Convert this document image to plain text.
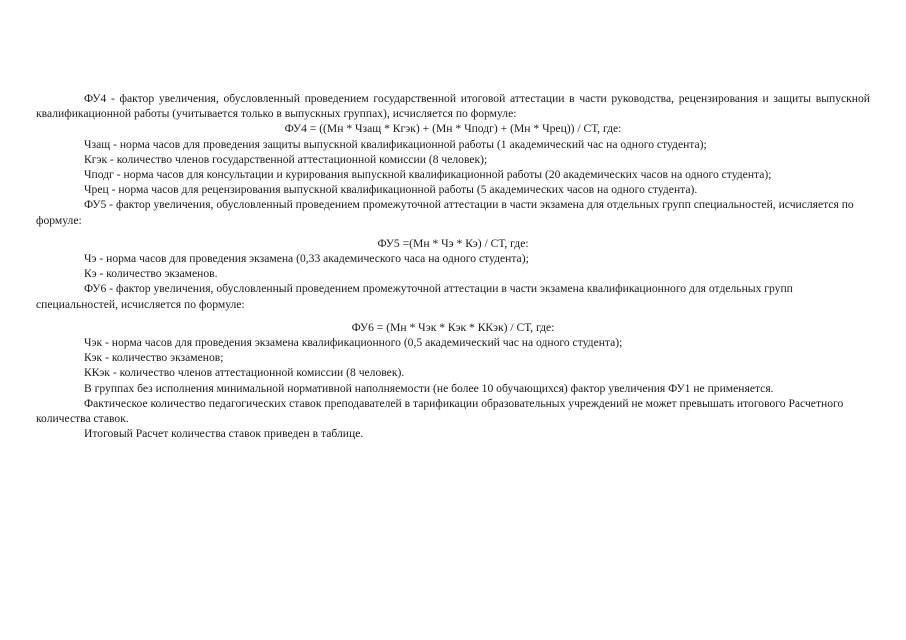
ФУ4 - фактор увеличения, обусловленный проведением государственной итоговой аттестации в части руководства, рецензирования и защиты выпускной квалификационной работы (учитывается только в выпускных группах), исчисляется по формуле:

ФУ4 = ((Мн * Чзащ * Кгэк) + (Мн * Чподг) + (Мн * Чрец)) / СТ, где:

Чзащ - норма часов для проведения защиты выпускной квалификационной работы (1 академический час на одного студента);

Кгэк - количество членов государственной аттестационной комиссии (8 человек);

Чподг - норма часов для консультации и курирования выпускной квалификационной работы (20 академических часов на одного студента);

Чрец - норма часов для рецензирования выпускной квалификационной работы (5 академических часов на одного студента).

ФУ5 - фактор увеличения, обусловленный проведением промежуточной аттестации в части экзамена для отдельных групп специальностей, исчисляется по формуле:

ФУ5 =(Мн * Чэ * Кэ) / СТ, где:

Чэ - норма часов для проведения экзамена (0,33 академического часа на одного студента);

Кэ - количество экзаменов.

ФУ6 - фактор увеличения, обусловленный проведением промежуточной аттестации в части экзамена квалификационного для отдельных групп специальностей, исчисляется по формуле:

ФУ6 = (Мн * Чэк * Кэк * ККэк) / СТ, где:

Чэк - норма часов для проведения экзамена квалификационного (0,5 академический час на одного студента);

Кэк - количество экзаменов;

ККэк - количество членов аттестационной комиссии (8 человек).

В группах без исполнения минимальной нормативной наполняемости (не более 10 обучающихся) фактор увеличения ФУ1 не применяется.

Фактическое количество педагогических ставок преподавателей в тарификации образовательных учреждений не может превышать итогового Расчетного количества ставок.

Итоговый Расчет количества ставок приведен в таблице.
